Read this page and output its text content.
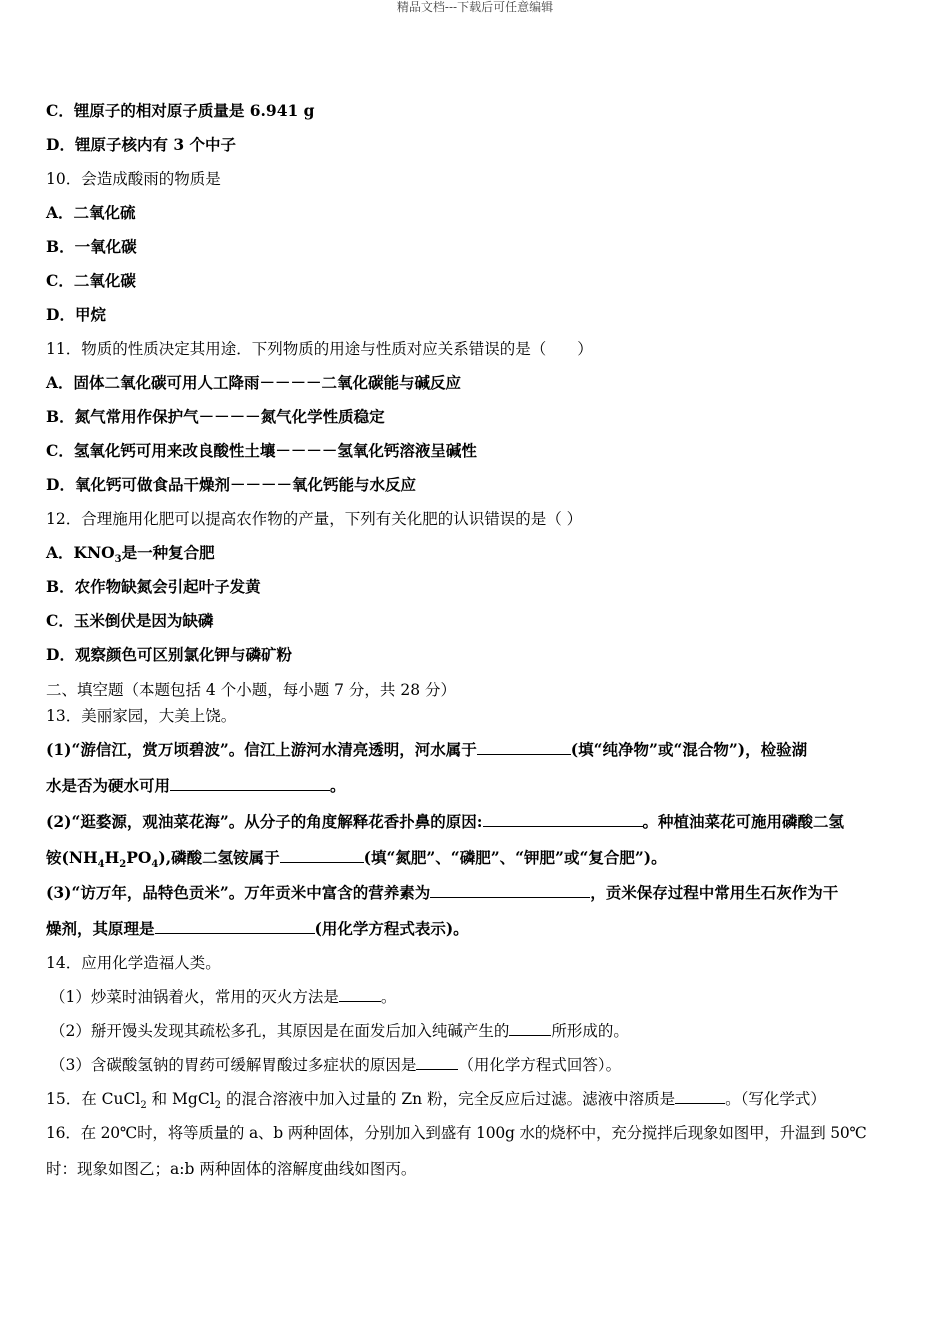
精品文档---下载后可任意编辑
C．锂原子的相对原子质量是 6.941 g
D．锂原子核内有 3 个中子
10．会造成酸雨的物质是
A．二氧化硫
B．一氧化碳
C．二氧化碳
D．甲烷
11．物质的性质决定其用途．下列物质的用途与性质对应关系错误的是（　　）
A．固体二氧化碳可用人工降雨－－－－二氧化碳能与碱反应
B．氮气常用作保护气－－－－氮气化学性质稳定
C．氢氧化钙可用来改良酸性土壤－－－－氢氧化钙溶液呈碱性
D．氧化钙可做食品干燥剂－－－－氧化钙能与水反应
12．合理施用化肥可以提高农作物的产量，下列有关化肥的认识错误的是（ ）
A．$KNO_3$是一种复合肥
B．农作物缺氮会引起叶子发黄
C．玉米倒伏是因为缺磷
D．观察颜色可区别氯化钾与磷矿粉
二、填空题（本题包括 4 个小题，每小题 7 分，共 28 分）
13．美丽家园，大美上饶。
(1)“游信江，赏万顷碧波”。信江上游河水清亮透明，河水属于	(填“纯净物”或“混合物”)，检验湖
水是否为硬水可用	。
(2)“逛婺源，观油菜花海”。从分子的角度解释花香扑鼻的原因:	。种植油菜花可施用磷酸二氢
铵$(NH_4H_2PO_4)$,磷酸二氢铵属于	(填“氮肥”、“磷肥”、“钾肥”或“复合肥”)。
(3)“访万年，品特色贡米”。万年贡米中富含的营养素为	，贡米保存过程中常用生石灰作为干
燥剂，其原理是	(用化学方程式表示)。
14．应用化学造福人类。
（1）炒菜时油锅着火，常用的灭火方法是	。
（2）掰开馒头发现其疏松多孔，其原因是在面发后加入纯碱产生的	所形成的。
（3）含碳酸氢钠的胃药可缓解胃酸过多症状的原因是	（用化学方程式回答）。
15．在 CuCl$_2$ 和 MgCl$_2$ 的混合溶液中加入过量的 Zn 粉，完全反应后过滤。滤液中溶质是	。（写化学式）
16．在 20℃时，将等质量的 a、b 两种固体，分别加入到盛有 100g 水的烧杯中，充分搅拌后现象如图甲，升温到 50℃
时：现象如图乙；a:b 两种固体的溶解度曲线如图丙。
